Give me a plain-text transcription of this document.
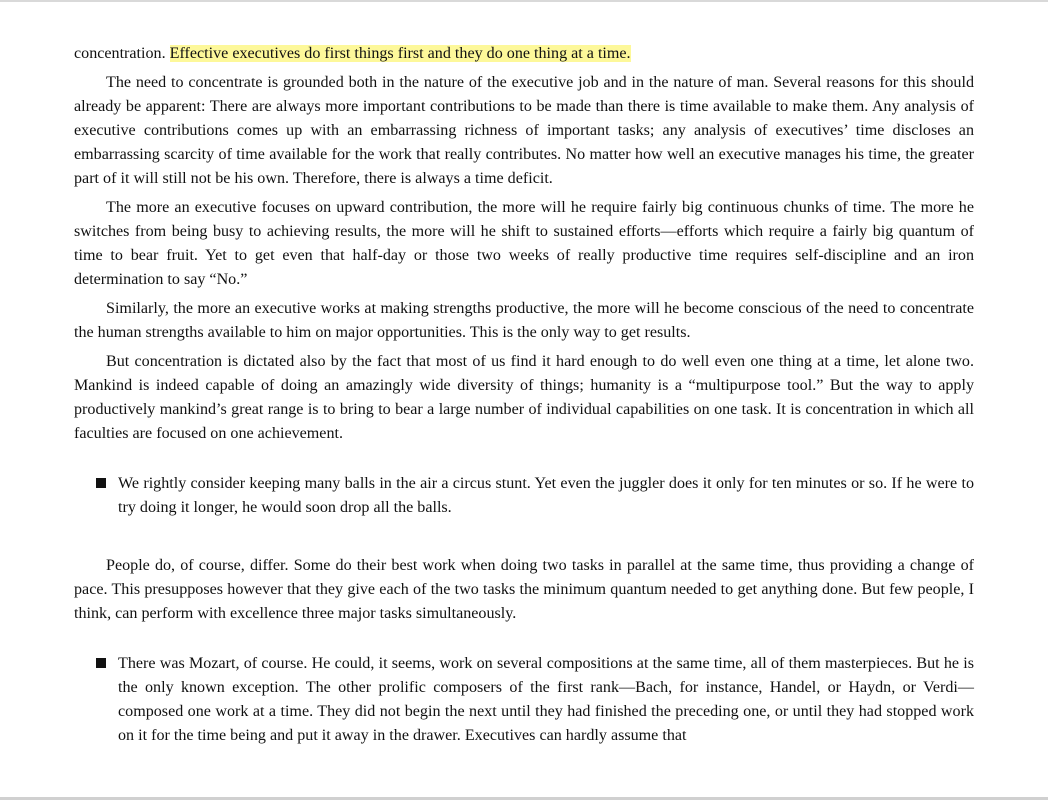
concentration. Effective executives do first things first and they do one thing at a time.

The need to concentrate is grounded both in the nature of the executive job and in the nature of man. Several reasons for this should already be apparent: There are always more important contributions to be made than there is time available to make them. Any analysis of executive contributions comes up with an embarrassing richness of important tasks; any analysis of executives’ time discloses an embarrassing scarcity of time available for the work that really contributes. No matter how well an executive manages his time, the greater part of it will still not be his own. Therefore, there is always a time deficit.

The more an executive focuses on upward contribution, the more will he require fairly big continuous chunks of time. The more he switches from being busy to achieving results, the more will he shift to sustained efforts—efforts which require a fairly big quantum of time to bear fruit. Yet to get even that half-day or those two weeks of really productive time requires self-discipline and an iron determination to say “No.”

Similarly, the more an executive works at making strengths productive, the more will he become conscious of the need to concentrate the human strengths available to him on major opportunities. This is the only way to get results.

But concentration is dictated also by the fact that most of us find it hard enough to do well even one thing at a time, let alone two. Mankind is indeed capable of doing an amazingly wide diversity of things; humanity is a “multipurpose tool.” But the way to apply productively mankind’s great range is to bring to bear a large number of individual capabilities on one task. It is concentration in which all faculties are focused on one achievement.

We rightly consider keeping many balls in the air a circus stunt. Yet even the juggler does it only for ten minutes or so. If he were to try doing it longer, he would soon drop all the balls.

People do, of course, differ. Some do their best work when doing two tasks in parallel at the same time, thus providing a change of pace. This presupposes however that they give each of the two tasks the minimum quantum needed to get anything done. But few people, I think, can perform with excellence three major tasks simultaneously.

There was Mozart, of course. He could, it seems, work on several compositions at the same time, all of them masterpieces. But he is the only known exception. The other prolific composers of the first rank—Bach, for instance, Handel, or Haydn, or Verdi—composed one work at a time. They did not begin the next until they had finished the preceding one, or until they had stopped work on it for the time being and put it away in the drawer. Executives can hardly assume that
